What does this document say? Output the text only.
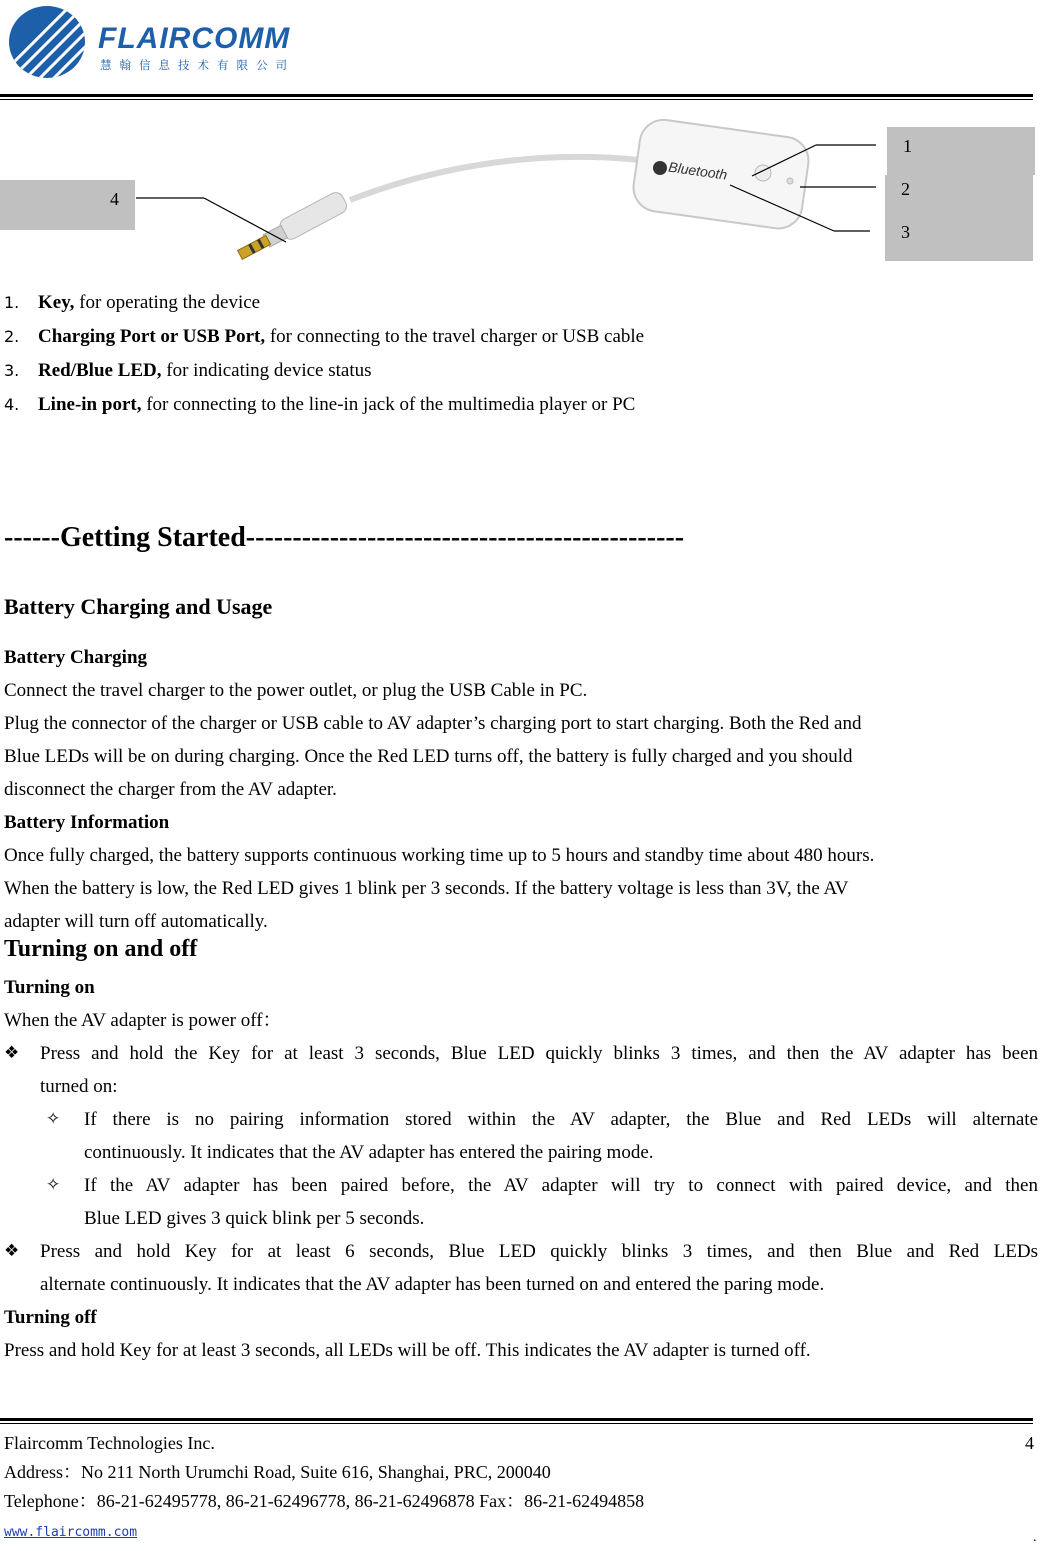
FLAIRCOMM
慧翰信息技术有限公司
Bluetooth
4
1
2
3
1. Key, for operating the device
2. Charging Port or USB Port, for connecting to the travel charger or USB cable
3. Red/Blue LED, for indicating device status
4. Line-in port, for connecting to the line-in jack of the multimedia player or PC
------Getting Started-----------------------------------------------
Battery Charging and Usage
Battery Charging
Connect the travel charger to the power outlet, or plug the USB Cable in PC.
Plug the connector of the charger or USB cable to AV adapter’s charging port to start charging. Both the Red and
Blue LEDs will be on during charging. Once the Red LED turns off, the battery is fully charged and you should
disconnect the charger from the AV adapter.
Battery Information
Once fully charged, the battery supports continuous working time up to 5 hours and standby time about 480 hours.
When the battery is low, the Red LED gives 1 blink per 3 seconds. If the battery voltage is less than 3V, the AV
adapter will turn off automatically.
Turning on and off
Turning on
When the AV adapter is power off：
❖ Press and hold the Key for at least 3 seconds, Blue LED quickly blinks 3 times, and then the AV adapter has been
turned on:
✧ If there is no pairing information stored within the AV adapter, the Blue and Red LEDs will alternate
continuously. It indicates that the AV adapter has entered the pairing mode.
✧ If the AV adapter has been paired before, the AV adapter will try to connect with paired device, and then
Blue LED gives 3 quick blink per 5 seconds.
❖ Press and hold Key for at least 6 seconds, Blue LED quickly blinks 3 times, and then Blue and Red LEDs
alternate continuously. It indicates that the AV adapter has been turned on and entered the paring mode.
Turning off
Press and hold Key for at least 3 seconds, all LEDs will be off. This indicates the AV adapter is turned off.
Flaircomm Technologies Inc.	4
Address：No 211 North Urumchi Road, Suite 616, Shanghai, PRC, 200040
Telephone：86-21-62495778, 86-21-62496778, 86-21-62496878 Fax：86-21-62494858
www.flaircomm.com	.
